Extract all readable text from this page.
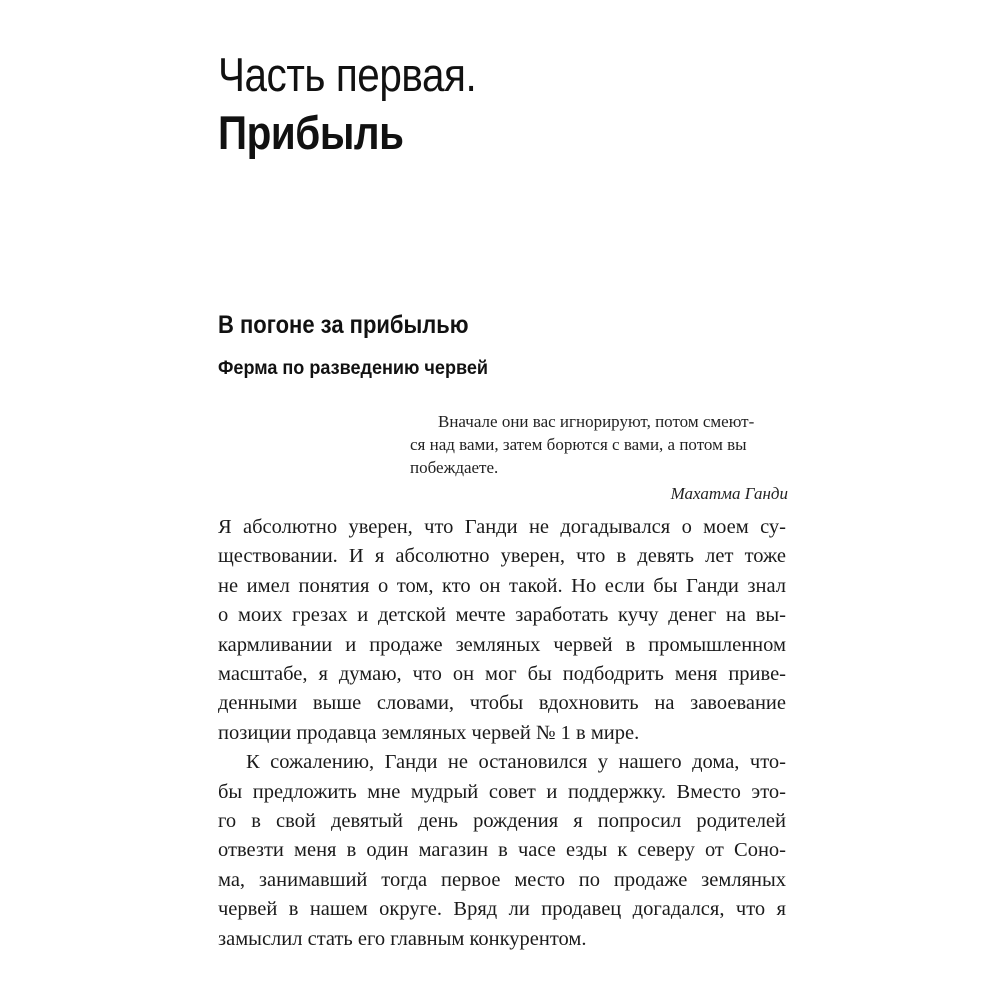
Часть первая.
Прибыль
В погоне за прибылью
Ферма по разведению червей
Вначале они вас игнорируют, потом смеют-
ся над вами, затем борются с вами, а потом вы
побеждаете.
Махатма Ганди
Я абсолютно уверен, что Ганди не догадывался о моем су-
ществовании. И я абсолютно уверен, что в девять лет тоже
не имел понятия о том, кто он такой. Но если бы Ганди знал
о моих грезах и детской мечте заработать кучу денег на вы-
кармливании и продаже земляных червей в промышленном
масштабе, я думаю, что он мог бы подбодрить меня приве-
денными выше словами, чтобы вдохновить на завоевание
позиции продавца земляных червей № 1 в мире.
К сожалению, Ганди не остановился у нашего дома, что-
бы предложить мне мудрый совет и поддержку. Вместо это-
го в свой девятый день рождения я попросил родителей
отвезти меня в один магазин в часе езды к северу от Соно-
ма, занимавший тогда первое место по продаже земляных
червей в нашем округе. Вряд ли продавец догадался, что я
замыслил стать его главным конкурентом.
